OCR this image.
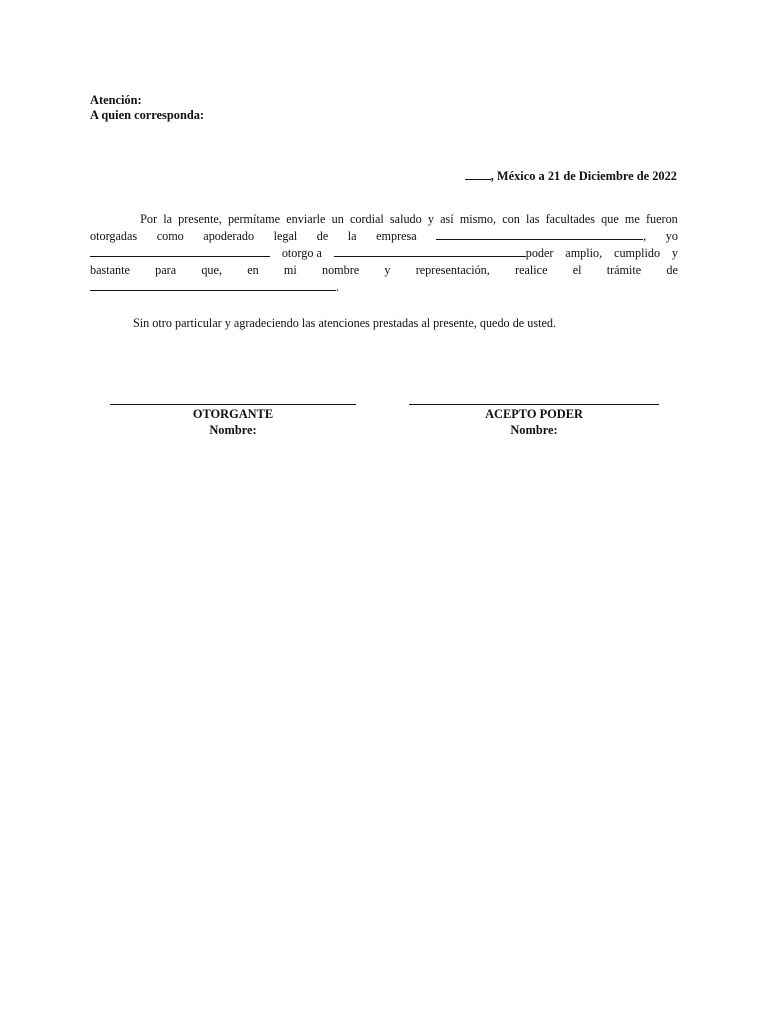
Atención:
A quien corresponda:
, México a 21 de Diciembre de 2022
Por la presente, permítame enviarle un cordial saludo y así mismo, con las facultades que me fueron
otorgadas como apoderado legal de la empresa	, yo
otorgo a	poder amplio, cumplido y
bastante para que, en mi nombre y representación, realice el trámite de
.
Sin otro particular y agradeciendo las atenciones prestadas al presente, quedo de usted.
OTORGANTE
Nombre:
ACEPTO PODER
Nombre:
